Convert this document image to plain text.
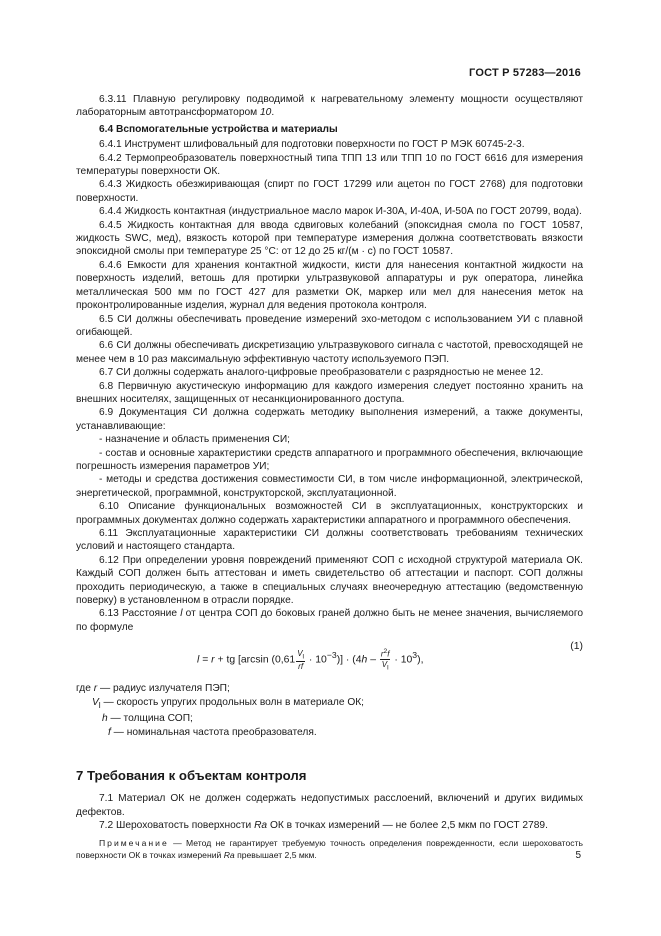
ГОСТ Р 57283—2016

6.3.11 Плавную регулировку подводимой к нагревательному элементу мощности осуществляют лабораторным автотрансформатором 10.

6.4 Вспомогательные устройства и материалы

6.4.1 Инструмент шлифовальный для подготовки поверхности по ГОСТ Р МЭК 60745-2-3.

6.4.2 Термопреобразователь поверхностный типа ТПП 13 или ТПП 10 по ГОСТ 6616 для измерения температуры поверхности ОК.

6.4.3 Жидкость обезжиривающая (спирт по ГОСТ 17299 или ацетон по ГОСТ 2768) для подготовки поверхности.

6.4.4 Жидкость контактная (индустриальное масло марок И-30А, И-40А, И-50А по ГОСТ 20799, вода).

6.4.5 Жидкость контактная для ввода сдвиговых колебаний (эпоксидная смола по ГОСТ 10587, жидкость SWC, мед), вязкость которой при температуре измерения должна соответствовать вязкости эпоксидной смолы при температуре 25 °С: от 12 до 25 кг/(м · с) по ГОСТ 10587.

6.4.6 Емкости для хранения контактной жидкости, кисти для нанесения контактной жидкости на поверхность изделий, ветошь для протирки ультразвуковой аппаратуры и рук оператора, линейка металлическая 500 мм по ГОСТ 427 для разметки ОК, маркер или мел для нанесения меток на проконтролированные изделия, журнал для ведения протокола контроля.

6.5 СИ должны обеспечивать проведение измерений эхо-методом с использованием УИ с плавной огибающей.

6.6 СИ должны обеспечивать дискретизацию ультразвукового сигнала с частотой, превосходящей не менее чем в 10 раз максимальную эффективную частоту используемого ПЭП.

6.7 СИ должны содержать аналого-цифровые преобразователи с разрядностью не менее 12.

6.8 Первичную акустическую информацию для каждого измерения следует постоянно хранить на внешних носителях, защищенных от несанкционированного доступа.

6.9 Документация СИ должна содержать методику выполнения измерений, а также документы, устанавливающие:

- назначение и область применения СИ;

- состав и основные характеристики средств аппаратного и программного обеспечения, включающие погрешность измерения параметров УИ;

- методы и средства достижения совместимости СИ, в том числе информационной, электрической, энергетической, программной, конструкторской, эксплуатационной.

6.10 Описание функциональных возможностей СИ в эксплуатационных, конструкторских и программных документах должно содержать характеристики аппаратного и программного обеспечения.

6.11 Эксплуатационные характеристики СИ должны соответствовать требованиям технических условий и настоящего стандарта.

6.12 При определении уровня повреждений применяют СОП с исходной структурой материала ОК. Каждый СОП должен быть аттестован и иметь свидетельство об аттестации и паспорт. СОП должны проходить периодическую, а также в специальных случаях внеочередную аттестацию (ведомственную поверку) в установленном в отрасли порядке.

6.13 Расстояние l от центра СОП до боковых граней должно быть не менее значения, вычисляемого по формуле

l = r + tg [arcsin $(0,61 \frac{V_l}{rf} \cdot 10^{-3})] \cdot (4h - \frac{r^2f}{V_l} \cdot 10^3)$,
(1)

где r — радиус излучателя ПЭП;

$V_l$ — скорость упругих продольных волн в материале ОК;

h — толщина СОП;

f — номинальная частота преобразователя.

7 Требования к объектам контроля

7.1 Материал ОК не должен содержать недопустимых расслоений, включений и других видимых дефектов.

7.2 Шероховатость поверхности Ra ОК в точках измерений — не более 2,5 мкм по ГОСТ 2789.

Примечание — Метод не гарантирует требуемую точность определения поврежденности, если шероховатость поверхности ОК в точках измерений Ra превышает 2,5 мкм.	5
